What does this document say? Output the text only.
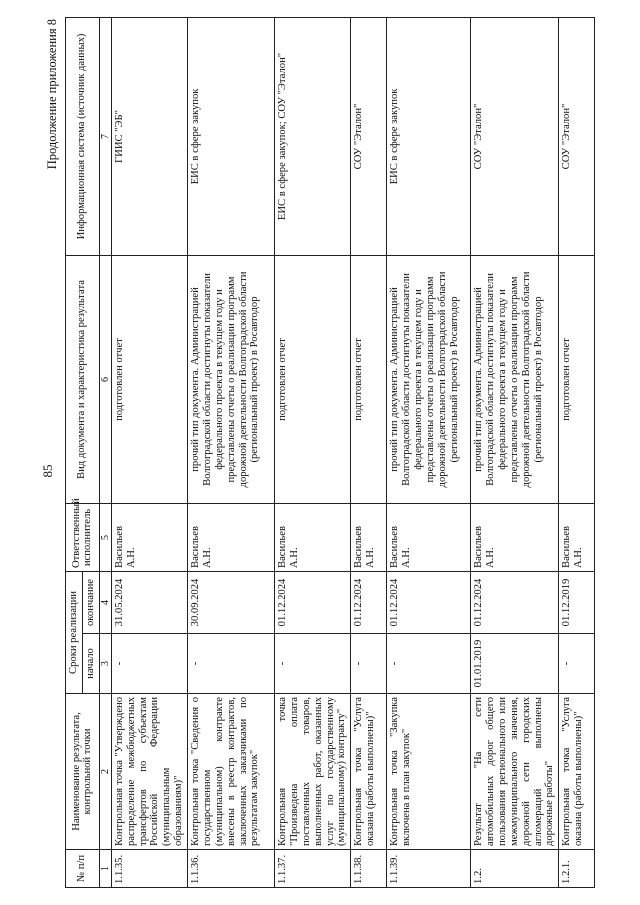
85
Продолжение приложения 8
№ п/п	Наименование результата, контрольной точки	Сроки реализации		Ответственный исполнитель	Вид документа и характеристика результата	Информационная система (источник данных)
		начало	окончание			
1	2	3	4	5	6	7
1.1.35.	Контрольная точка "Утверждено распределение межбюджетных трансфертов по субъектам Российской Федерации (муниципальным образованиям)"	-	31.05.2024	Васильев А.Н.	подготовлен отчет	ГИИС "ЭБ"
1.1.36.	Контрольная точка "Сведения о государственном (муниципальном) контракте внесены в реестр контрактов, заключенных заказчиками по результатам закупок"	-	30.09.2024	Васильев А.Н.	прочий тип документа. Администрацией Волгоградской области достигнуты показатели федерального проекта в текущем году и представлены отчеты о реализации программ дорожной деятельности Волгоградской области (региональный проект) в Росавтодор	ЕИС в сфере закупок
1.1.37.	Контрольная точка "Произведена оплата поставленных товаров, выполненных работ, оказанных услуг по государственному (муниципальному) контракту"	-	01.12.2024	Васильев А.Н.	подготовлен отчет	ЕИС в сфере закупок; СОУ "Эталон"
1.1.38.	Контрольная точка "Услуга оказана (работы выполнены)"	-	01.12.2024	Васильев А.Н.	подготовлен отчет	СОУ "Эталон"
1.1.39.	Контрольная точка "Закупка включена в план закупок"	-	01.12.2024	Васильев А.Н.	прочий тип документа. Администрацией Волгоградской области достигнуты показатели федерального проекта в текущем году и представлены отчеты о реализации программ дорожной деятельности Волгоградской области (региональный проект) в Росавтодор	ЕИС в сфере закупок
1.2.	Результат "На сети автомобильных дорог общего пользования регионального или межмуниципального значения, дорожной сети городских агломераций выполнены дорожные работы"	01.01.2019	01.12.2024	Васильев А.Н.	прочий тип документа. Администрацией Волгоградской области достигнуты показатели федерального проекта в текущем году и представлены отчеты о реализации программ дорожной деятельности Волгоградской области (региональный проект) в Росавтодор	СОУ "Эталон"
1.2.1.	Контрольная точка "Услуга оказана (работы выполнены)"	-	01.12.2019	Васильев А.Н.	подготовлен отчет	СОУ "Эталон"
